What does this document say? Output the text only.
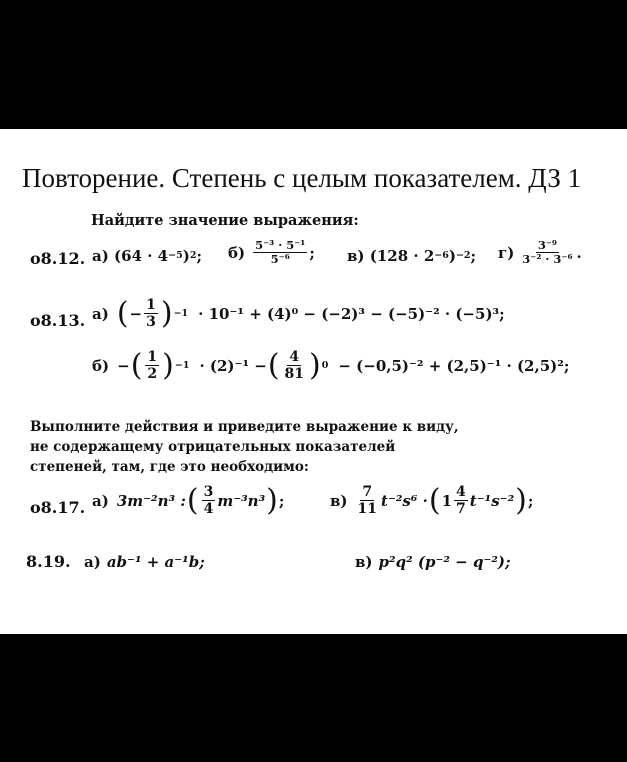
Повторение. Степень с целым показателем. ДЗ 1
Найдите значение выражения:
о8.12. а) (64 · 4 −5 ) 2 ; $б) \frac{\text{5⁻³ · 5⁻¹}}{\text{5⁻⁶}}$ ; в) (128 · 2 −6 ) −2 ; $г) \frac{\text{3⁻⁹}}{\text{3⁻² · 3⁻⁶}}$ .
о8.13. а) ( − $\frac{1}{3}$ ) −1 · 10⁻¹ + (4)⁰ − (−2)³ − (−5)⁻² · (−5)³;
б) − ( $\frac{1}{2}$ ) −1 · (2)⁻¹ − ( $\frac{4}{81}$ ) 0 − (−0,5)⁻² + (2,5)⁻¹ · (2,5)²;
Выполните действия и приведите выражение к виду, не содержащему отрицательных показателей степеней, там, где это необходимо:
о8.17. а) 3m⁻²n³ : ( $\frac{3}{4} m^{-3}n^3$ ) ;	$в) \frac{7}{11} t^{-2}s^6$ · ( $1 \frac{4}{7} t^{-1}s^{-2}$ ) ;
8.19. а) ab⁻¹ + a⁻¹b;	в) p²q² (p⁻² − q⁻²);
